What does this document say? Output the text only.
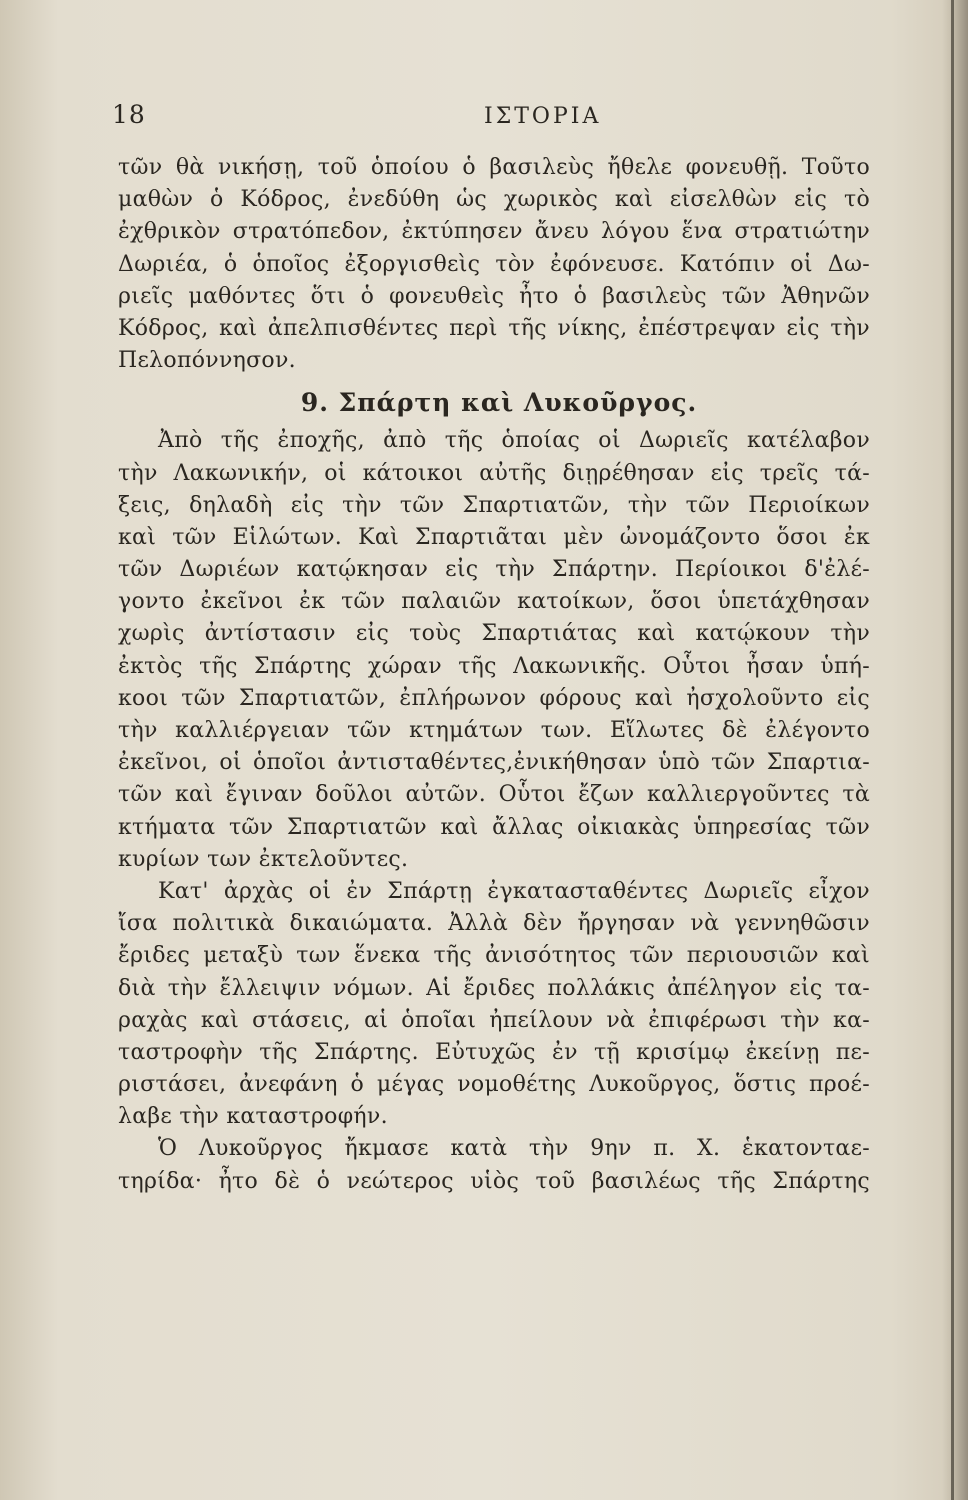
18	ΙΣΤΟΡΙΑ
τῶν θὰ νικήσῃ, τοῦ ὁποίου ὁ βασιλεὺς ἤθελε φονευθῇ. Τοῦτο
μαθὼν ὁ Κόδρος, ἐνεδύθη ὡς χωρικὸς καὶ εἰσελθὼν εἰς τὸ
ἐχθρικὸν στρατόπεδον, ἐκτύπησεν ἄνευ λόγου ἕνα στρατιώτην
Δωριέα, ὁ ὁποῖος ἐξοργισθεὶς τὸν ἐφόνευσε. Κατόπιν οἱ Δω-
ριεῖς μαθόντες ὅτι ὁ φονευθεὶς ἦτο ὁ βασιλεὺς τῶν Ἀθηνῶν
Κόδρος, καὶ ἀπελπισθέντες περὶ τῆς νίκης, ἐπέστρεψαν εἰς τὴν
Πελοπόννησον.
9. Σπάρτη καὶ Λυκοῦργος.
Ἀπὸ τῆς ἐποχῆς, ἀπὸ τῆς ὁποίας οἱ Δωριεῖς κατέλαβον
τὴν Λακωνικήν, οἱ κάτοικοι αὐτῆς διῃρέθησαν εἰς τρεῖς τά-
ξεις, δηλαδὴ εἰς τὴν τῶν Σπαρτιατῶν, τὴν τῶν Περιοίκων
καὶ τῶν Εἱλώτων. Καὶ Σπαρτιᾶται μὲν ὠνομάζοντο ὅσοι ἐκ
τῶν Δωριέων κατῴκησαν εἰς τὴν Σπάρτην. Περίοικοι δ'ἐλέ-
γοντο ἐκεῖνοι ἐκ τῶν παλαιῶν κατοίκων, ὅσοι ὑπετάχθησαν
χωρὶς ἀντίστασιν εἰς τοὺς Σπαρτιάτας καὶ κατῴκουν τὴν
ἐκτὸς τῆς Σπάρτης χώραν τῆς Λακωνικῆς. Οὗτοι ἦσαν ὑπή-
κοοι τῶν Σπαρτιατῶν, ἐπλήρωνον φόρους καὶ ἠσχολοῦντο εἰς
τὴν καλλιέργειαν τῶν κτημάτων των. Εἵλωτες δὲ ἐλέγοντο
ἐκεῖνοι, οἱ ὁποῖοι ἀντισταθέντες,ἐνικήθησαν ὑπὸ τῶν Σπαρτια-
τῶν καὶ ἔγιναν δοῦλοι αὐτῶν. Οὗτοι ἔζων καλλιεργοῦντες τὰ
κτήματα τῶν Σπαρτιατῶν καὶ ἄλλας οἰκιακὰς ὑπηρεσίας τῶν
κυρίων των ἐκτελοῦντες.
Κατ' ἀρχὰς οἱ ἐν Σπάρτῃ ἐγκατασταθέντες Δωριεῖς εἶχον
ἴσα πολιτικὰ δικαιώματα. Ἀλλὰ δὲν ἤργησαν νὰ γεννηθῶσιν
ἔριδες μεταξὺ των ἕνεκα τῆς ἀνισότητος τῶν περιουσιῶν καὶ
διὰ τὴν ἔλλειψιν νόμων. Αἱ ἔριδες πολλάκις ἀπέληγον εἰς τα-
ραχὰς καὶ στάσεις, αἱ ὁποῖαι ἠπείλουν νὰ ἐπιφέρωσι τὴν κα-
ταστροφὴν τῆς Σπάρτης. Εὐτυχῶς ἐν τῇ κρισίμῳ ἐκείνῃ πε-
ριστάσει, ἀνεφάνη ὁ μέγας νομοθέτης Λυκοῦργος, ὅστις προέ-
λαβε τὴν καταστροφήν.
Ὁ Λυκοῦργος ἤκμασε κατὰ τὴν 9ην π. Χ. ἑκατονταε-
τηρίδα· ἦτο δὲ ὁ νεώτερος υἱὸς τοῦ βασιλέως τῆς Σπάρτης
